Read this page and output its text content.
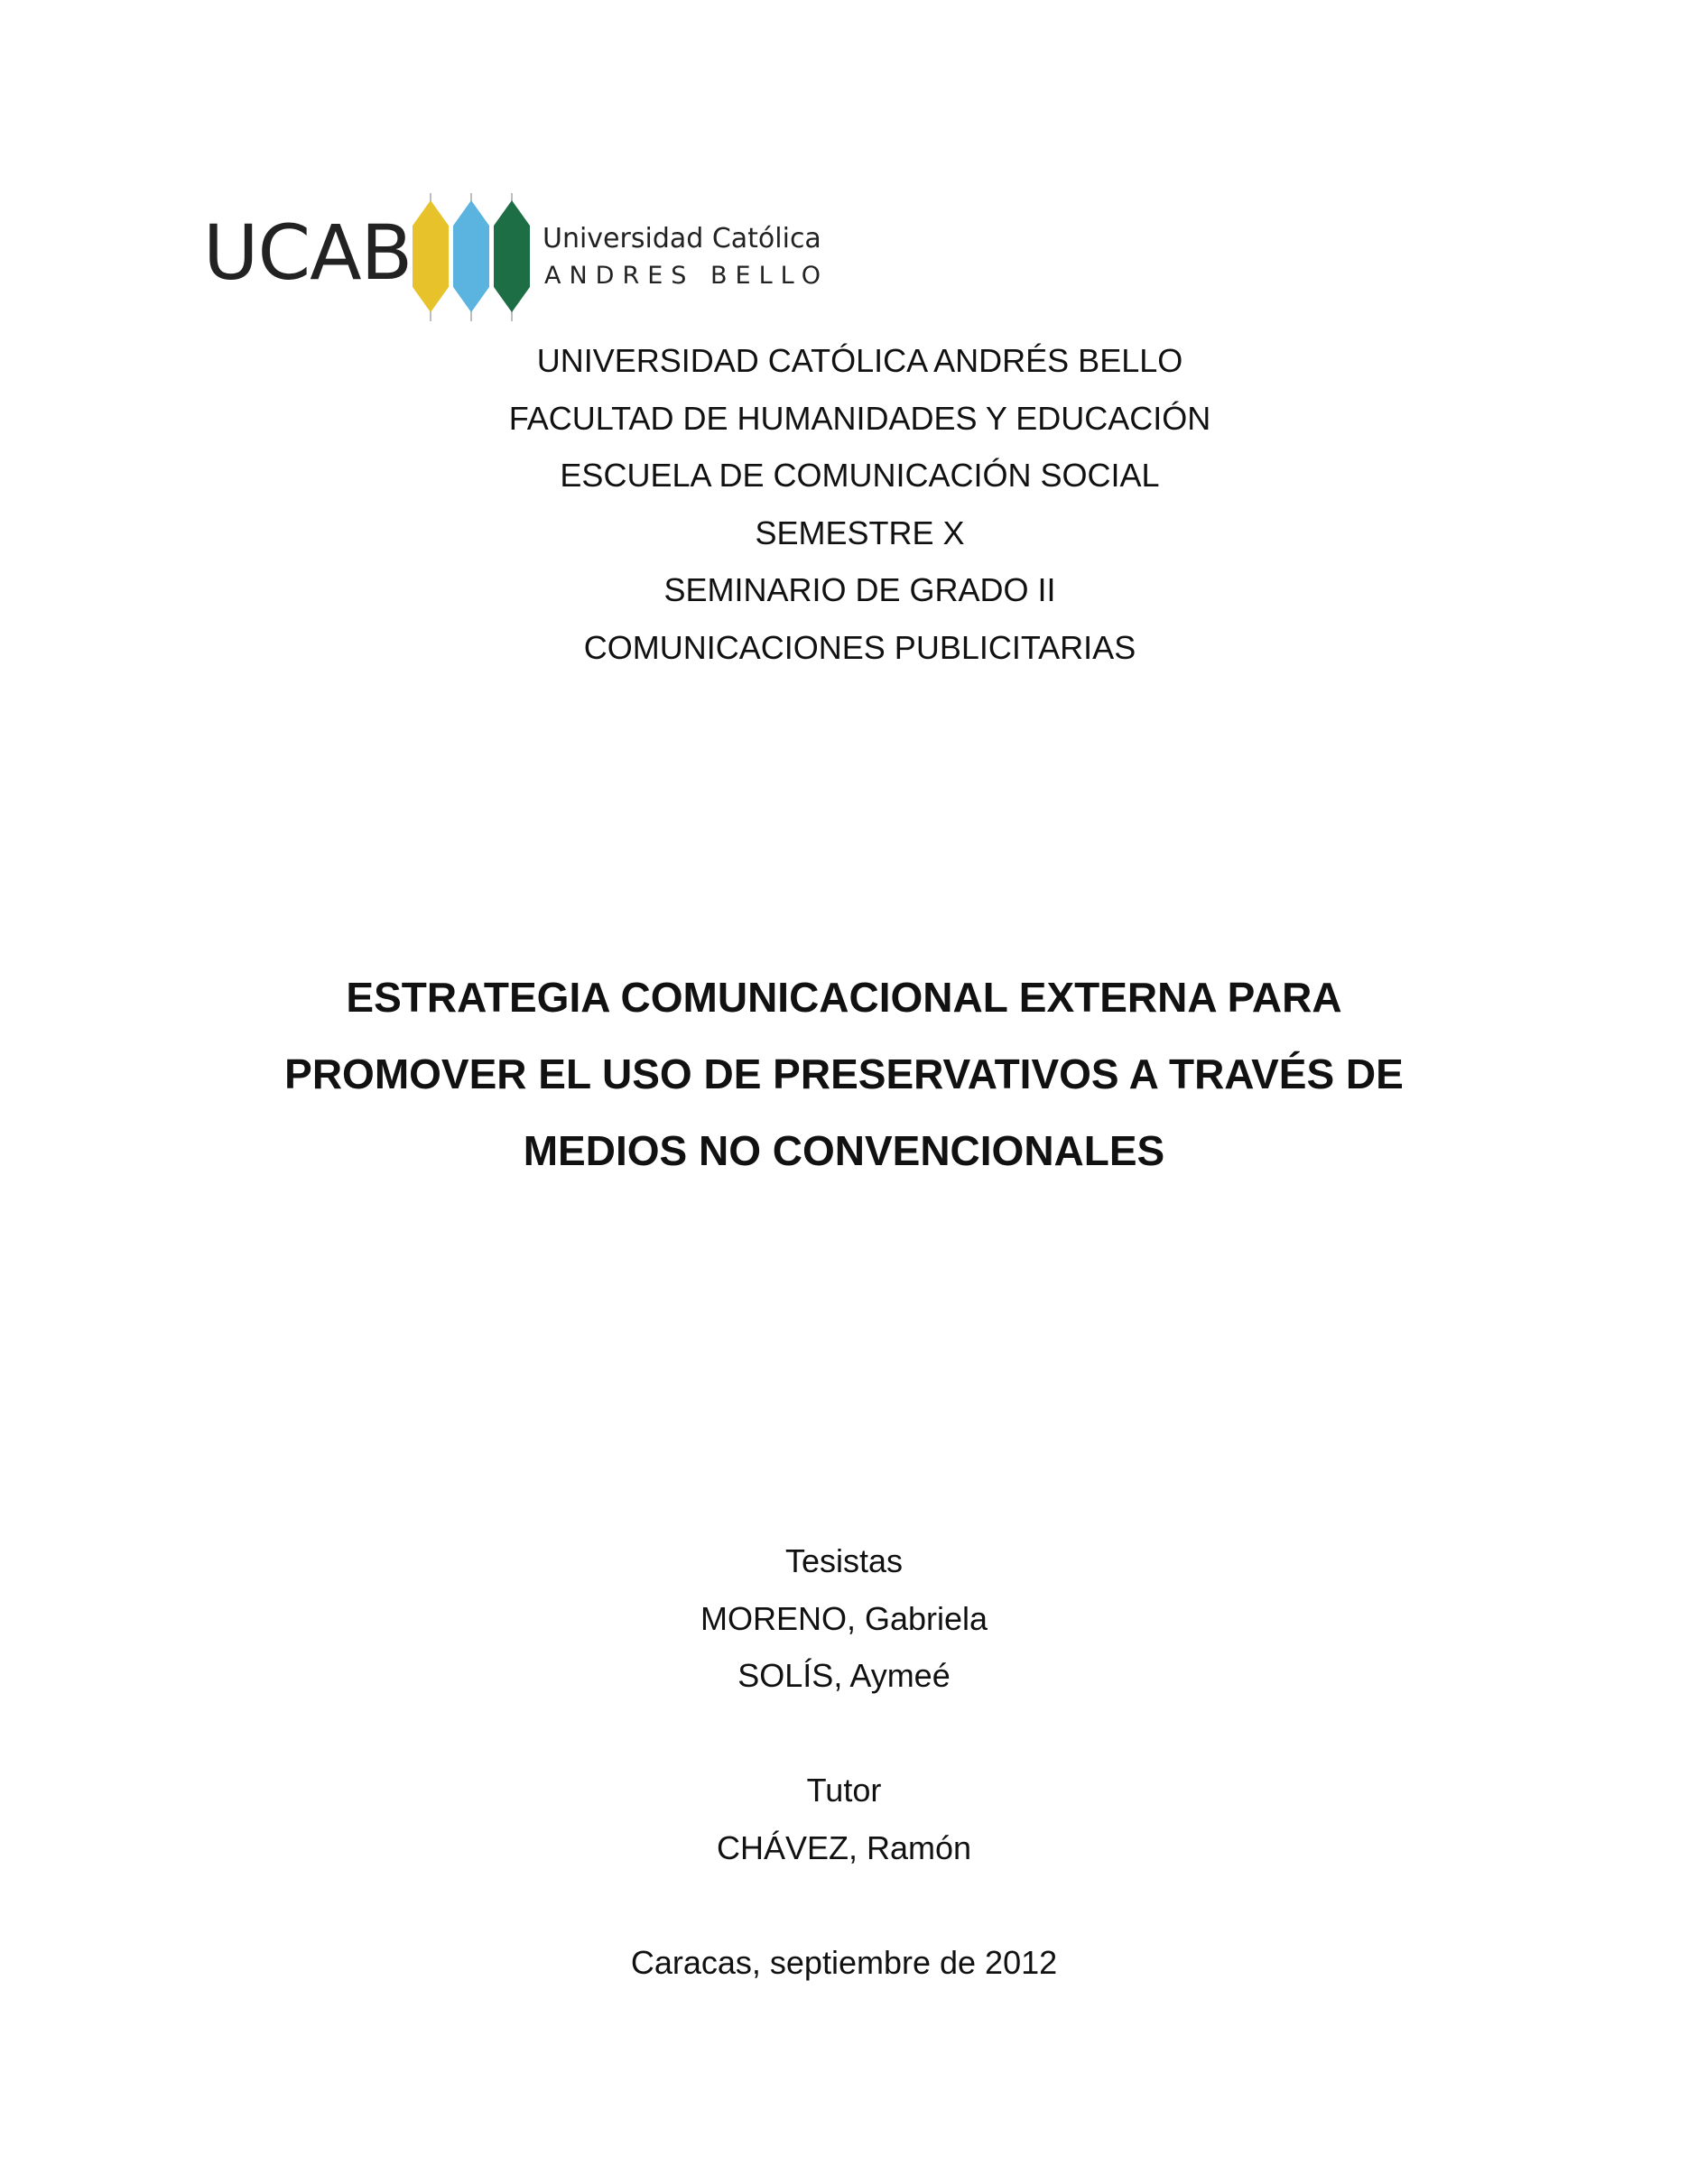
UCAB	Universidad Católica
ANDRES BELLO
UNIVERSIDAD CATÓLICA ANDRÉS BELLO
FACULTAD DE HUMANIDADES Y EDUCACIÓN
ESCUELA DE COMUNICACIÓN SOCIAL
SEMESTRE X
SEMINARIO DE GRADO II
COMUNICACIONES PUBLICITARIAS
ESTRATEGIA COMUNICACIONAL EXTERNA PARA
PROMOVER EL USO DE PRESERVATIVOS A TRAVÉS DE
MEDIOS NO CONVENCIONALES
Tesistas
MORENO, Gabriela
SOLÍS, Aymeé
Tutor
CHÁVEZ, Ramón
Caracas, septiembre de 2012
